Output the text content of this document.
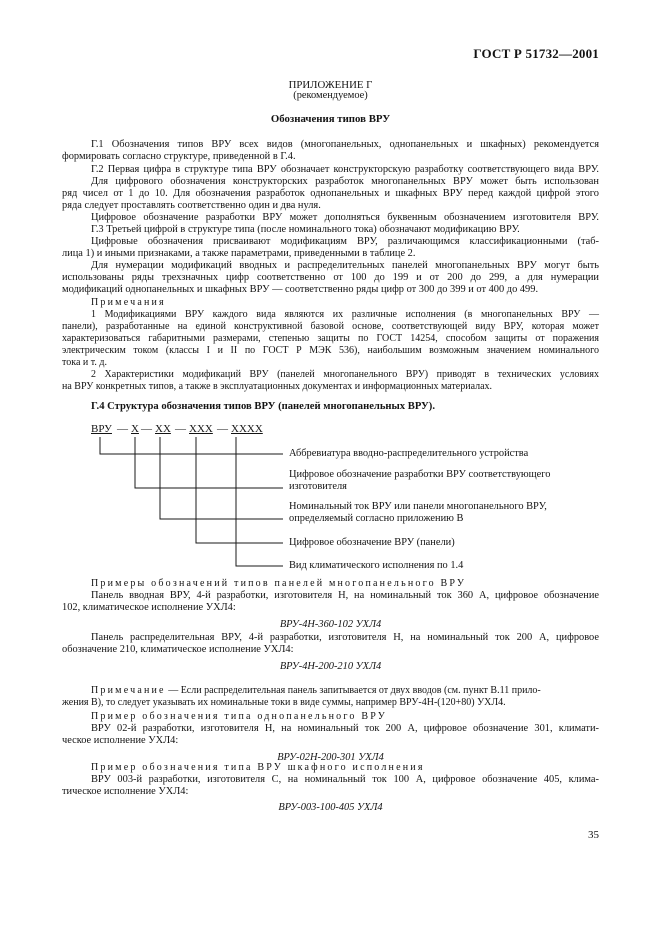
ГОСТ Р 51732—2001
ПРИЛОЖЕНИЕ Г
(рекомендуемое)
Обозначения типов ВРУ
Г.1 Обозначения типов ВРУ всех видов (многопанельных, однопанельных и шкафных) рекомендуется
формировать согласно структуре, приведенной в Г.4.
Г.2 Первая цифра в структуре типа ВРУ обозначает конструкторскую разработку соответствующего вида ВРУ.
Для цифрового обозначения конструкторских разработок многопанельных ВРУ может быть использован
ряд чисел от 1 до 10. Для обозначения разработок однопанельных и шкафных ВРУ перед каждой цифрой этого
ряда следует проставлять соответственно один и два нуля.
Цифровое обозначение разработки ВРУ может дополняться буквенным обозначением изготовителя ВРУ.
Г.3 Третьей цифрой в структуре типа (после номинального тока) обозначают модификацию ВРУ.
Цифровые обозначения присваивают модификациям ВРУ, различающимся классификационными (таб-
лица 1) и иными признаками, а также параметрами, приведенными в таблице 2.
Для нумерации модификаций вводных и распределительных панелей многопанельных ВРУ могут быть
использованы ряды трехзначных цифр соответственно от 100 до 199 и от 200 до 299, а для нумерации
модификаций однопанельных и шкафных ВРУ — соответственно ряды цифр от 300 до 399 и от 400 до 499.
Примечания
1 Модификациями ВРУ каждого вида являются их различные исполнения (в многопанельных ВРУ —
панели), разработанные на единой конструктивной базовой основе, соответствующей виду ВРУ, которая может
характеризоваться габаритными размерами, степенью защиты по ГОСТ 14254, способом защиты от поражения
электрическим током (классы I и II по ГОСТ Р МЭК 536), наибольшим возможным значением номинального
тока и т. д.
2 Характеристики модификаций ВРУ (панелей многопанельного ВРУ) приводят в технических условиях
на ВРУ конкретных типов, а также в эксплуатационных документах и информационных материалах.
Г.4 Структура обозначения типов ВРУ (панелей многопанельных ВРУ).
ВРУ — Х — ХХ — ХХХ — ХХХХ
Аббревиатура вводно-распределительного устройства
Цифровое обозначение разработки ВРУ соответствующего
изготовителя
Номинальный ток ВРУ или панели многопанельного ВРУ,
определяемый согласно приложению В
Цифровое обозначение ВРУ (панели)
Вид климатического исполнения по 1.4
Примеры обозначений типов панелей многопанельного ВРУ
Панель вводная ВРУ, 4-й разработки, изготовителя Н, на номинальный ток 360 А, цифровое обозначение
102, климатическое исполнение УХЛ4:
ВРУ-4Н-360-102 УХЛ4
Панель распределительная ВРУ, 4-й разработки, изготовителя Н, на номинальный ток 200 А, цифровое
обозначение 210, климатическое исполнение УХЛ4:
ВРУ-4Н-200-210 УХЛ4
Примечание — Если распределительная панель запитывается от двух вводов (см. пункт В.11 прило-
жения В), то следует указывать их номинальные токи в виде суммы, например ВРУ-4Н-(120+80) УХЛ4.
Пример обозначения типа однопанельного ВРУ
ВРУ 02-й разработки, изготовителя Н, на номинальный ток 200 А, цифровое обозначение 301, климати-
ческое исполнение УХЛ4:
ВРУ-02Н-200-301 УХЛ4
Пример обозначения типа ВРУ шкафного исполнения
ВРУ 003-й разработки, изготовителя С, на номинальный ток 100 А, цифровое обозначение 405, клима-
тическое исполнение УХЛ4:
ВРУ-003-100-405 УХЛ4
35
